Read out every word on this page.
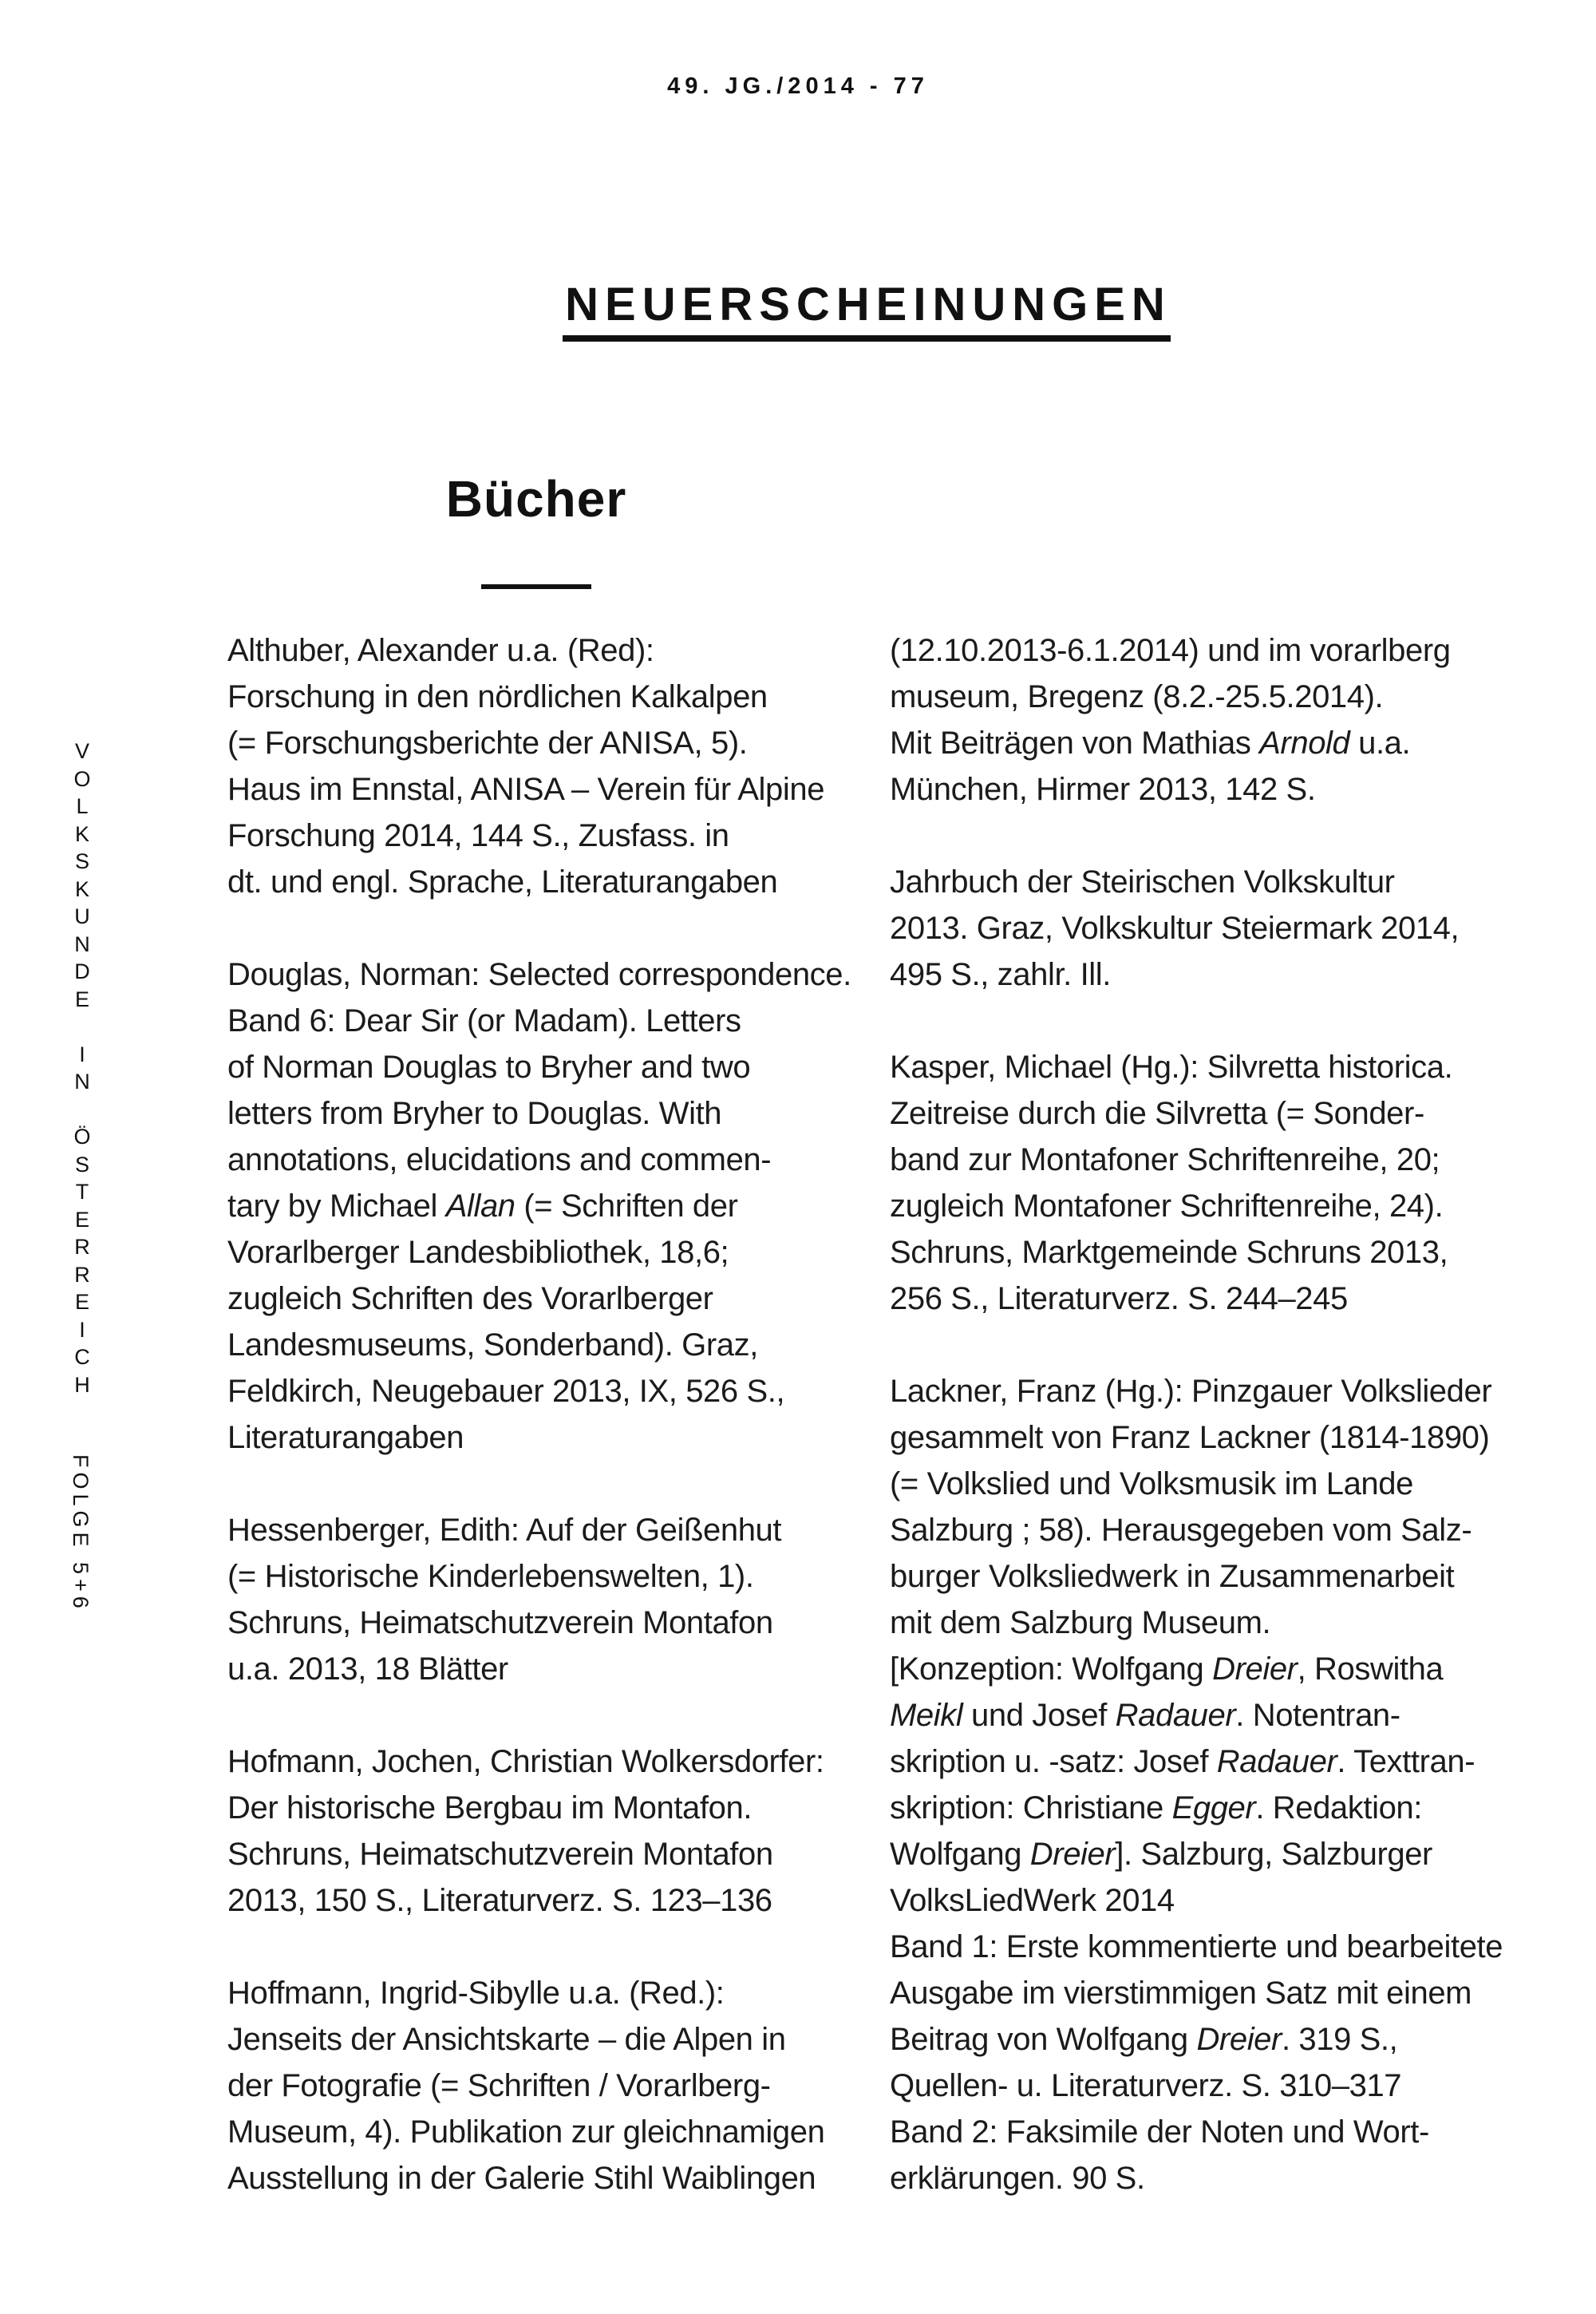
49. JG./2014 - 77
NEUERSCHEINUNGEN
Bücher
V
O
L
K
S
K
U
N
D
E

I
N

Ö
S
T
E
R
R
E
I
C
H
FOLGE 5+6
Althuber, Alexander u.a. (Red):
Forschung in den nördlichen Kalkalpen
(= Forschungsberichte der ANISA, 5).
Haus im Ennstal, ANISA – Verein für Alpine
Forschung 2014, 144 S., Zusfass. in
dt. und engl. Sprache, Literaturangaben
Douglas, Norman: Selected correspondence.
Band 6: Dear Sir (or Madam). Letters
of Norman Douglas to Bryher and two
letters from Bryher to Douglas. With
annotations, elucidations and commen-
tary by Michael Allan (= Schriften der
Vorarlberger Landesbibliothek, 18,6;
zugleich Schriften des Vorarlberger
Landesmuseums, Sonderband). Graz,
Feldkirch, Neugebauer 2013, IX, 526 S.,
Literaturangaben
Hessenberger, Edith: Auf der Geißenhut
(= Historische Kinderlebenswelten, 1).
Schruns, Heimatschutzverein Montafon
u.a. 2013, 18 Blätter
Hofmann, Jochen, Christian Wolkersdorfer:
Der historische Bergbau im Montafon.
Schruns, Heimatschutzverein Montafon
2013, 150 S., Literaturverz. S. 123–136
Hoffmann, Ingrid-Sibylle u.a. (Red.):
Jenseits der Ansichtskarte – die Alpen in
der Fotografie (= Schriften / Vorarlberg-
Museum, 4). Publikation zur gleichnamigen
Ausstellung in der Galerie Stihl Waiblingen
(12.10.2013-6.1.2014) und im vorarlberg
museum, Bregenz (8.2.-25.5.2014).
Mit Beiträgen von Mathias Arnold u.a.
München, Hirmer 2013, 142 S.
Jahrbuch der Steirischen Volkskultur
2013. Graz, Volkskultur Steiermark 2014,
495 S., zahlr. Ill.
Kasper, Michael (Hg.): Silvretta historica.
Zeitreise durch die Silvretta (= Sonder-
band zur Montafoner Schriftenreihe, 20;
zugleich Montafoner Schriftenreihe, 24).
Schruns, Marktgemeinde Schruns 2013,
256 S., Literaturverz. S. 244–245
Lackner, Franz (Hg.): Pinzgauer Volkslieder
gesammelt von Franz Lackner (1814-1890)
(= Volkslied und Volksmusik im Lande
Salzburg ; 58). Herausgegeben vom Salz-
burger Volksliedwerk in Zusammenarbeit
mit dem Salzburg Museum.
[Konzeption: Wolfgang Dreier, Roswitha
Meikl und Josef Radauer. Notentran-
skription u. -satz: Josef Radauer. Texttran-
skription: Christiane Egger. Redaktion:
Wolfgang Dreier]. Salzburg, Salzburger
VolksLiedWerk 2014
Band 1: Erste kommentierte und bearbeitete
Ausgabe im vierstimmigen Satz mit einem
Beitrag von Wolfgang Dreier. 319 S.,
Quellen- u. Literaturverz. S. 310–317
Band 2: Faksimile der Noten und Wort-
erklärungen. 90 S.
